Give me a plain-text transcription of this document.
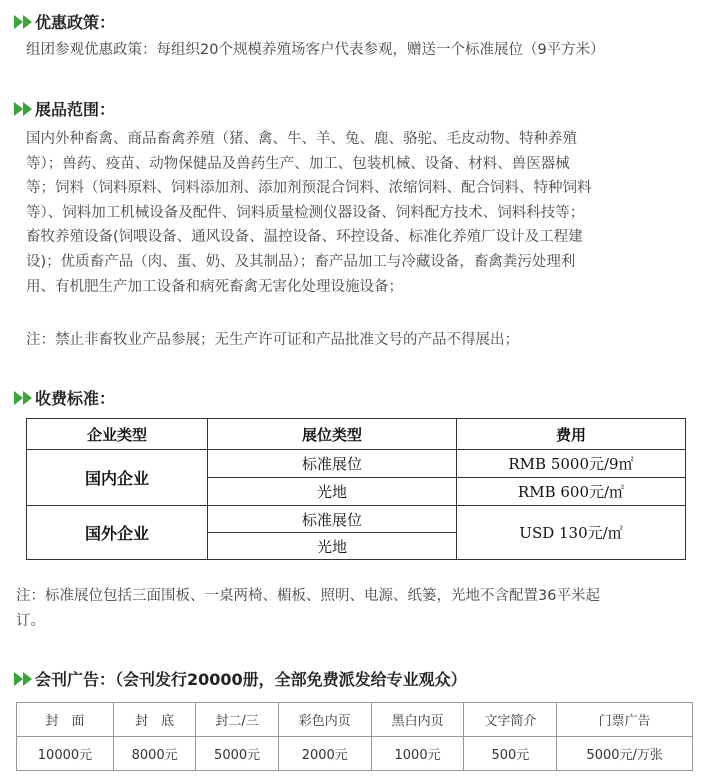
优惠政策：
组团参观优惠政策：每组织20个规模养殖场客户代表参观，赠送一个标准展位（9平方米）
展品范围：
国内外种畜禽、商品畜禽养殖（猪、禽、牛、羊、兔、鹿、骆驼、毛皮动物、特种养殖
等）；兽药、疫苗、动物保健品及兽药生产、加工、包装机械、设备、材料、兽医器械
等；饲料（饲料原料、饲料添加剂、添加剂预混合饲料、浓缩饲料、配合饲料、特种饲料
等）、饲料加工机械设备及配件、饲料质量检测仪器设备、饲料配方技术、饲料科技等；
畜牧养殖设备(饲喂设备、通风设备、温控设备、环控设备、标准化养殖厂设计及工程建
设)；优质畜产品（肉、蛋、奶、及其制品）；畜产品加工与冷藏设备，畜禽粪污处理利
用、有机肥生产加工设备和病死畜禽无害化处理设施设备；
注：禁止非畜牧业产品参展；无生产许可证和产品批准文号的产品不得展出；
收费标准：
企业类型	展位类型	费用
国内企业	标准展位	RMB 5000元/9㎡
	光地	RMB 600元/㎡
国外企业	标准展位	USD 130元/㎡
	光地	
注：标准展位包括三面围板、一桌两椅、楣板、照明、电源、纸篓，光地不含配置36平米起
订。
会刊广告：（会刊发行20000册，全部免费派发给专业观众）
封　面	封　底	封二/三	彩色内页	黑白内页	文字简介	门票广告
10000元	8000元	5000元	2000元	1000元	500元	5000元/万张
